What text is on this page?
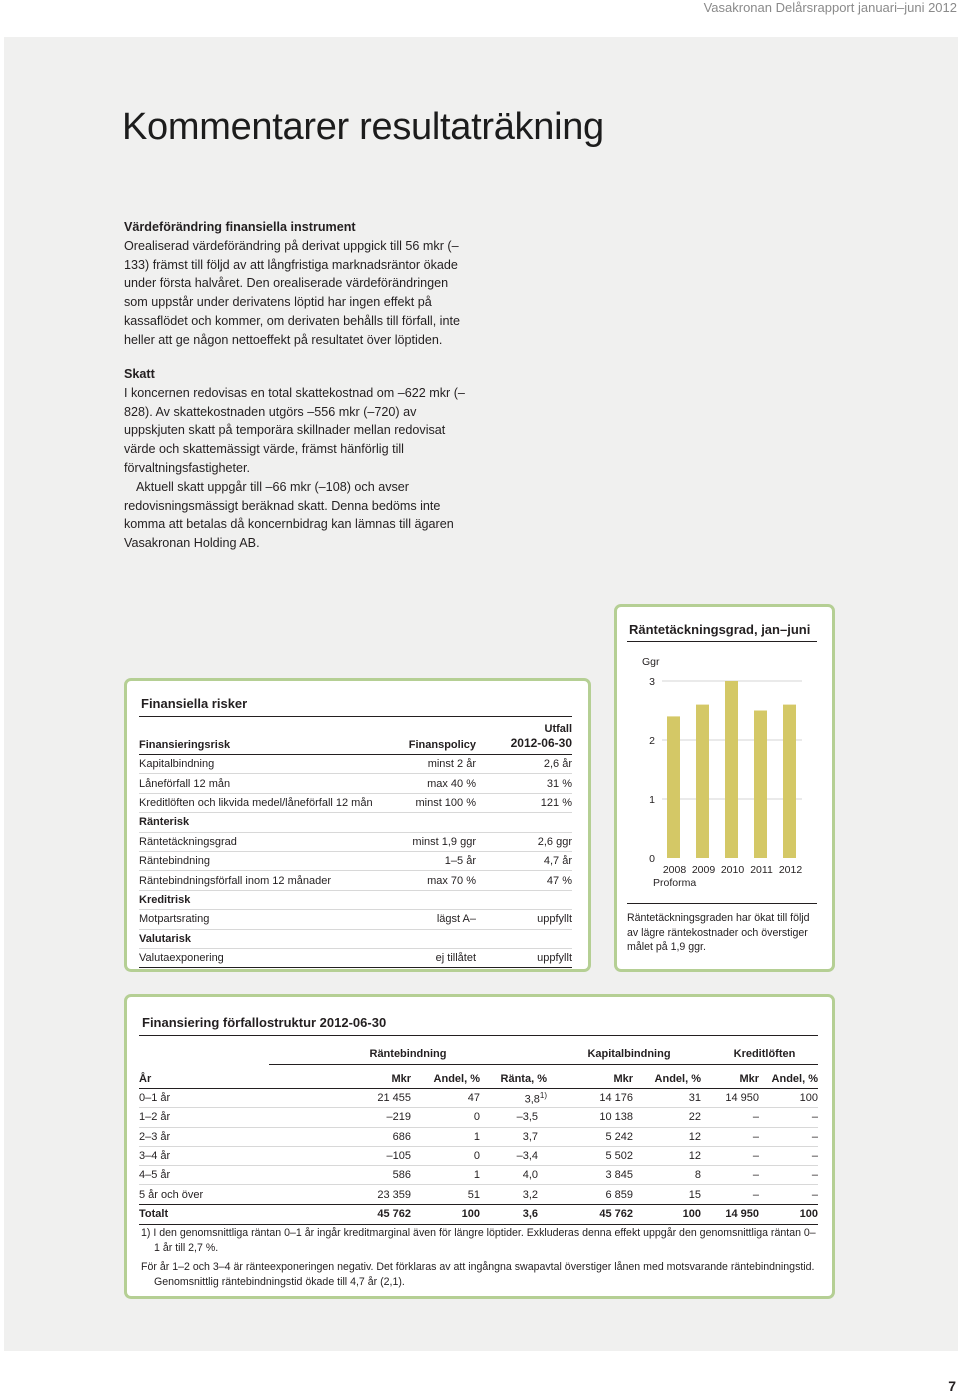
Vasakronan Delårsrapport januari–juni 2012
Kommentarer resultaträkning

Värdeförändring finansiella instrument

Orealiserad värdeförändring på derivat uppgick till 56 mkr (–133) främst till följd av att långfristiga marknadsräntor ökade under första halvåret. Den orealiserade värdeförändringen som uppstår under derivatens löptid har ingen effekt på kassaflödet och kommer, om derivaten behålls till förfall, inte heller att ge någon nettoeffekt på resultatet över löptiden.

Skatt

I koncernen redovisas en total skattekostnad om –622 mkr (–828). Av skattekostnaden utgörs –556 mkr (–720) av uppskjuten skatt på temporära skillnader mellan redovisat värde och skattemässigt värde, främst hänförlig till förvaltningsfastigheter.

Aktuell skatt uppgår till –66 mkr (–108) och avser redovisningsmässigt beräknad skatt. Denna bedöms inte komma att betalas då koncernbidrag kan lämnas till ägaren Vasakronan Holding AB.

Finansiella risker
Finansieringsrisk	Finanspolicy	Utfall
2012-06-30
Kapitalbindning	minst 2 år	2,6 år
Låneförfall 12 mån	max 40 %	31 %
Kreditlöften och likvida medel/låneförfall 12 mån	minst 100 %	121 %
Ränterisk		
Räntetäckningsgrad	minst 1,9 ggr	2,6 ggr
Räntebindning	1–5 år	4,7 år
Räntebindningsförfall inom 12 månader	max 70 %	47 %
Kreditrisk		
Motpartsrating	lägst A–	uppfyllt
Valutarisk		
Valutaexponering	ej tillåtet	uppfyllt
Räntetäckningsgrad, jan–juni
Ggr
0
1
2
3
2008 2009 2010 2011 2012
Proforma
Räntetäckningsgraden har ökat till följd av lägre räntekostnader och överstiger målet på 1,9 ggr.
Finansiering förfallostruktur 2012-06-30
	Räntebindning			Kapitalbindning		Kreditlöften	
År	Mkr	Andel, %	Ränta, %	Mkr	Andel, %	Mkr	Andel, %
0–1 år	21 455	47	3,8$^{1)}$	14 176	31	14 950	100
1–2 år	–219	0	–3,5	10 138	22	–	–
2–3 år	686	1	3,7	5 242	12	–	–
3–4 år	–105	0	–3,4	5 502	12	–	–
4–5 år	586	1	4,0	3 845	8	–	–
5 år och över	23 359	51	3,2	6 859	15	–	–
Totalt	45 762	100	3,6	45 762	100	14 950	100

1) I den genomsnittliga räntan 0–1 år ingår kreditmarginal även för längre löptider. Exkluderas denna effekt uppgår den genomsnittliga räntan 0–1 år till 2,7 %.

För år 1–2 och 3–4 är ränteexponeringen negativ. Det förklaras av att ingångna swapavtal överstiger lånen med motsvarande räntebindningstid. Genomsnittlig räntebindningstid ökade till 4,7 år (2,1).

7
